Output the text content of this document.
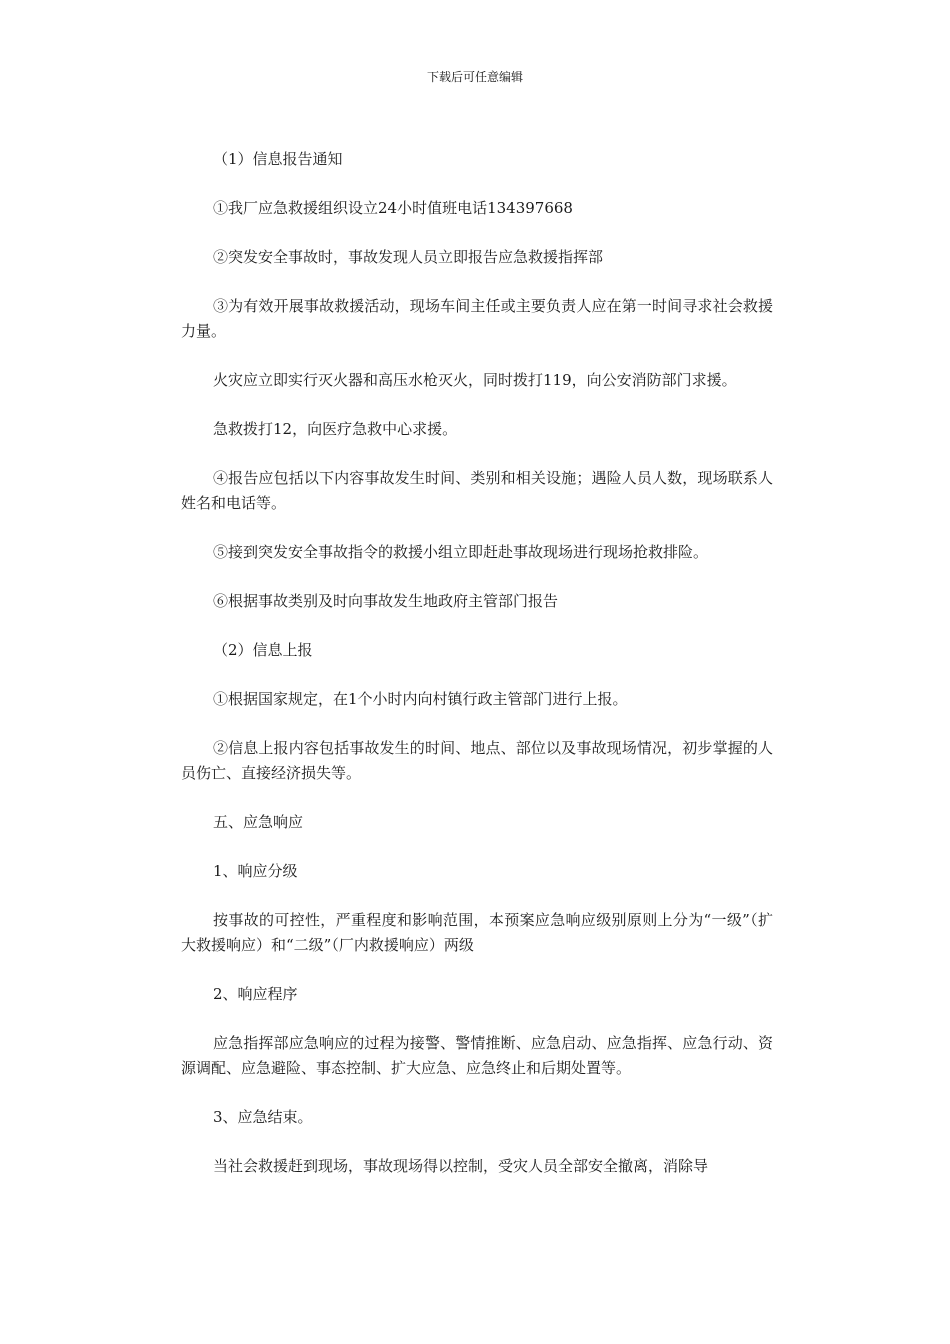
下载后可任意编辑

（1）信息报告通知

①我厂应急救援组织设立24小时值班电话134397668

②突发安全事故时，事故发现人员立即报告应急救援指挥部

③为有效开展事故救援活动，现场车间主任或主要负责人应在第一时间寻求社会救援力量。

火灾应立即实行灭火器和高压水枪灭火，同时拨打119，向公安消防部门求援。

急救拨打12，向医疗急救中心求援。

④报告应包括以下内容事故发生时间、类别和相关设施；遇险人员人数，现场联系人姓名和电话等。

⑤接到突发安全事故指令的救援小组立即赶赴事故现场进行现场抢救排险。

⑥根据事故类别及时向事故发生地政府主管部门报告

（2）信息上报

①根据国家规定，在1个小时内向村镇行政主管部门进行上报。

②信息上报内容包括事故发生的时间、地点、部位以及事故现场情况，初步掌握的人员伤亡、直接经济损失等。

五、应急响应

1、响应分级

按事故的可控性，严重程度和影响范围，本预案应急响应级别原则上分为“一级”（扩大救援响应）和“二级”（厂内救援响应）两级

2、响应程序

应急指挥部应急响应的过程为接警、警情推断、应急启动、应急指挥、应急行动、资源调配、应急避险、事态控制、扩大应急、应急终止和后期处置等。

3、应急结束。

当社会救援赶到现场，事故现场得以控制，受灾人员全部安全撤离，消除导
